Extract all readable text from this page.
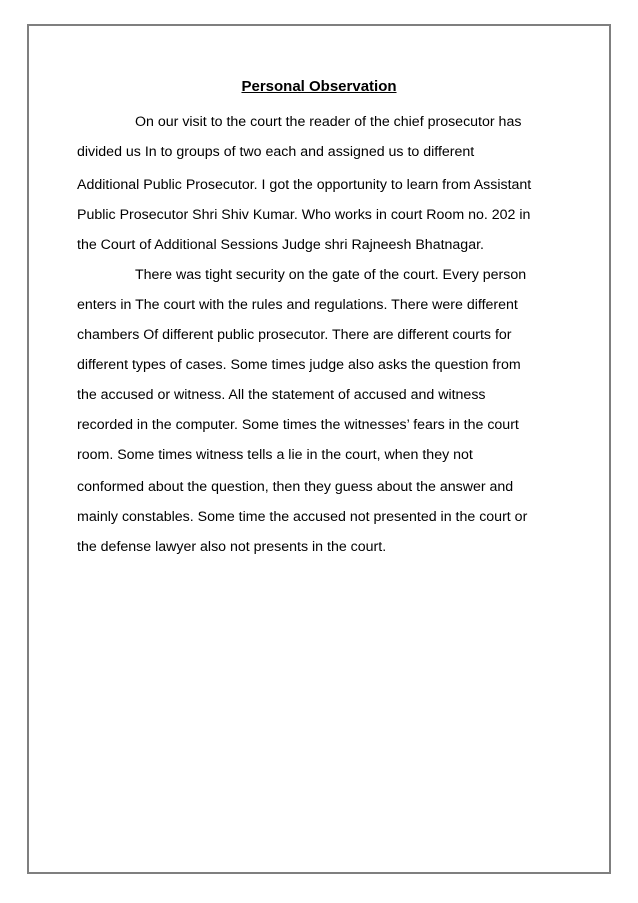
Personal Observation
On our visit to the court the reader of the chief prosecutor has
divided us In to groups of two each and assigned us to different
Additional Public Prosecutor. I got the opportunity to learn from Assistant
Public Prosecutor Shri Shiv Kumar. Who works in court Room no. 202 in
the Court of Additional Sessions Judge shri Rajneesh Bhatnagar.
There was tight security on the gate of the court. Every person
enters in The court with the rules and regulations. There were different
chambers Of different public prosecutor. There are different courts for
different types of cases. Some times judge also asks the question from
the accused or witness. All the statement of accused and witness
recorded in the computer. Some times the witnesses’ fears in the court
room. Some times witness tells a lie in the court, when they not
conformed about the question, then they guess about the answer and
mainly constables. Some time the accused not presented in the court or
the defense lawyer also not presents in the court.
